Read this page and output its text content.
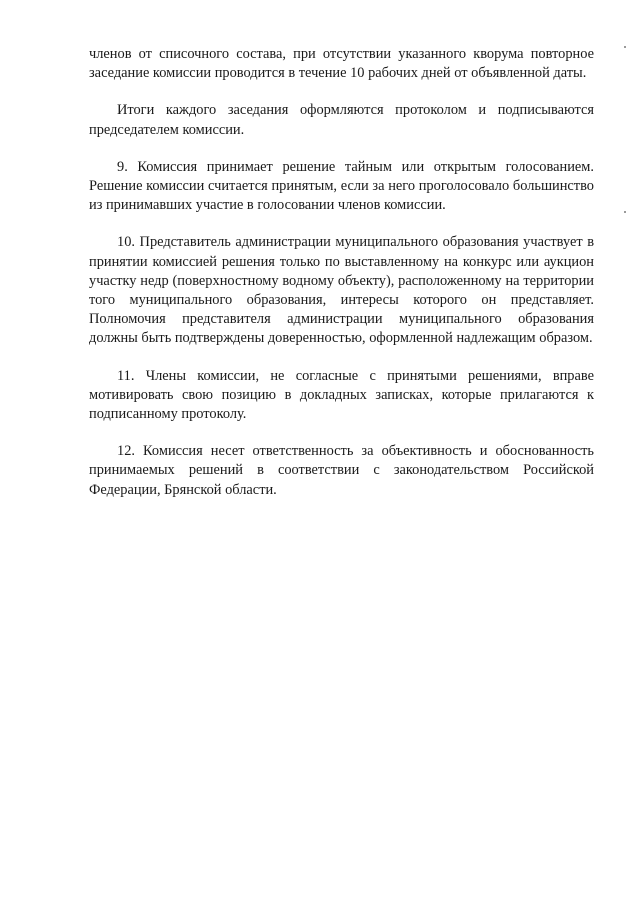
членов от списочного состава, при отсутствии указанного кворума повторное заседание комиссии проводится в течение 10 рабочих дней от объявленной даты.

Итоги каждого заседания оформляются протоколом и подписываются председателем комиссии.

9. Комиссия принимает решение тайным или открытым голосованием. Решение комиссии считается принятым, если за него проголосовало большинство из принимавших участие в голосовании членов комиссии.

10. Представитель администрации муниципального образования участвует в принятии комиссией решения только по выставленному на конкурс или аукцион участку недр (поверхностному водному объекту), расположенному на территории того муниципального образования, интересы которого он представляет. Полномочия представителя администрации муниципального образования должны быть подтверждены доверенностью, оформленной надлежащим образом.

11. Члены комиссии, не согласные с принятыми решениями, вправе мотивировать свою позицию в докладных записках, которые прилагаются к подписанному протоколу.

12. Комиссия несет ответственность за объективность и обоснованность принимаемых решений в соответствии с законодательством Российской Федерации, Брянской области.
